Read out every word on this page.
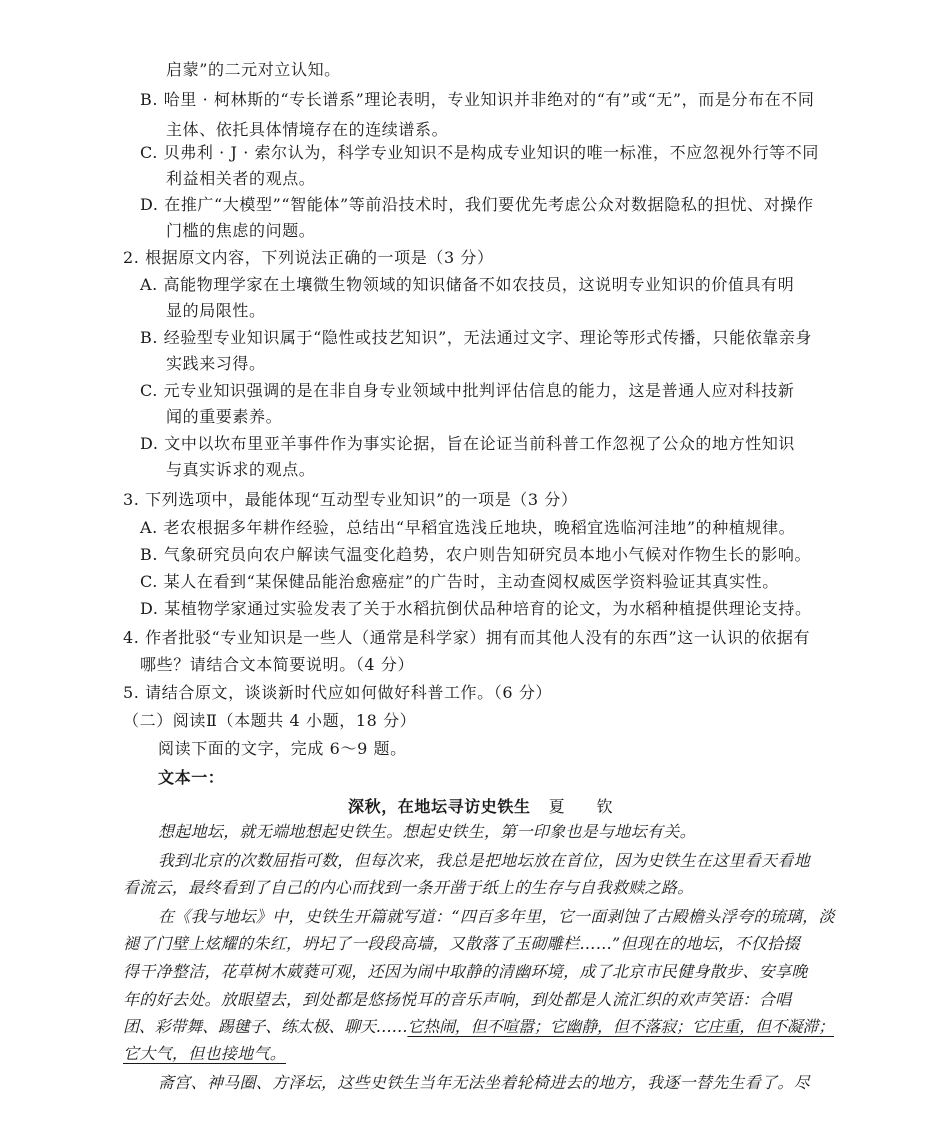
启蒙”的二元对立认知。
B. 哈里 · 柯林斯的“专长谱系”理论表明，专业知识并非绝对的“有”或“无”，而是分布在不同
主体、依托具体情境存在的连续谱系。
C. 贝弗利 · J · 索尔认为，科学专业知识不是构成专业知识的唯一标准，不应忽视外行等不同
利益相关者的观点。
D. 在推广“大模型”“智能体”等前沿技术时，我们要优先考虑公众对数据隐私的担忧、对操作
门槛的焦虑的问题。
2. 根据原文内容，下列说法正确的一项是（3 分）
A. 高能物理学家在土壤微生物领域的知识储备不如农技员，这说明专业知识的价值具有明
显的局限性。
B. 经验型专业知识属于“隐性或技艺知识”，无法通过文字、理论等形式传播，只能依靠亲身
实践来习得。
C. 元专业知识强调的是在非自身专业领域中批判评估信息的能力，这是普通人应对科技新
闻的重要素养。
D. 文中以坎布里亚羊事件作为事实论据，旨在论证当前科普工作忽视了公众的地方性知识
与真实诉求的观点。
3. 下列选项中，最能体现“互动型专业知识”的一项是（3 分）
A. 老农根据多年耕作经验，总结出“早稻宜选浅丘地块，晚稻宜选临河洼地”的种植规律。
B. 气象研究员向农户解读气温变化趋势，农户则告知研究员本地小气候对作物生长的影响。
C. 某人在看到“某保健品能治愈癌症”的广告时，主动查阅权威医学资料验证其真实性。
D. 某植物学家通过实验发表了关于水稻抗倒伏品种培育的论文，为水稻种植提供理论支持。
4. 作者批驳“专业知识是一些人（通常是科学家）拥有而其他人没有的东西”这一认识的依据有
哪些？请结合文本简要说明。（4 分）
5. 请结合原文，谈谈新时代应如何做好科普工作。（6 分）
（二）阅读Ⅱ（本题共 4 小题，18 分）
阅读下面的文字，完成 6～9 题。
文本一：
深秋，在地坛寻访史铁生 夏　钦
想起地坛，就无端地想起史铁生。想起史铁生，第一印象也是与地坛有关。
我到北京的次数屈指可数，但每次来，我总是把地坛放在首位，因为史铁生在这里看天看地
看流云，最终看到了自己的内心而找到一条开凿于纸上的生存与自我救赎之路。
在《我与地坛》中，史铁生开篇就写道：“四百多年里，它一面剥蚀了古殿檐头浮夸的琉璃，淡
褪了门壁上炫耀的朱红，坍圮了一段段高墙，又散落了玉砌雕栏……”但现在的地坛，不仅拾掇
得干净整洁，花草树木葳蕤可观，还因为闹中取静的清幽环境，成了北京市民健身散步、安享晚
年的好去处。放眼望去，到处都是悠扬悦耳的音乐声响，到处都是人流汇织的欢声笑语：合唱
团、彩带舞、踢毽子、练太极、聊天……它热闹，但不喧嚣；它幽静，但不落寂；它庄重，但不凝滞；
它大气，但也接地气。
斋宫、神马圈、方泽坛，这些史铁生当年无法坐着轮椅进去的地方，我逐一替先生看了。尽
